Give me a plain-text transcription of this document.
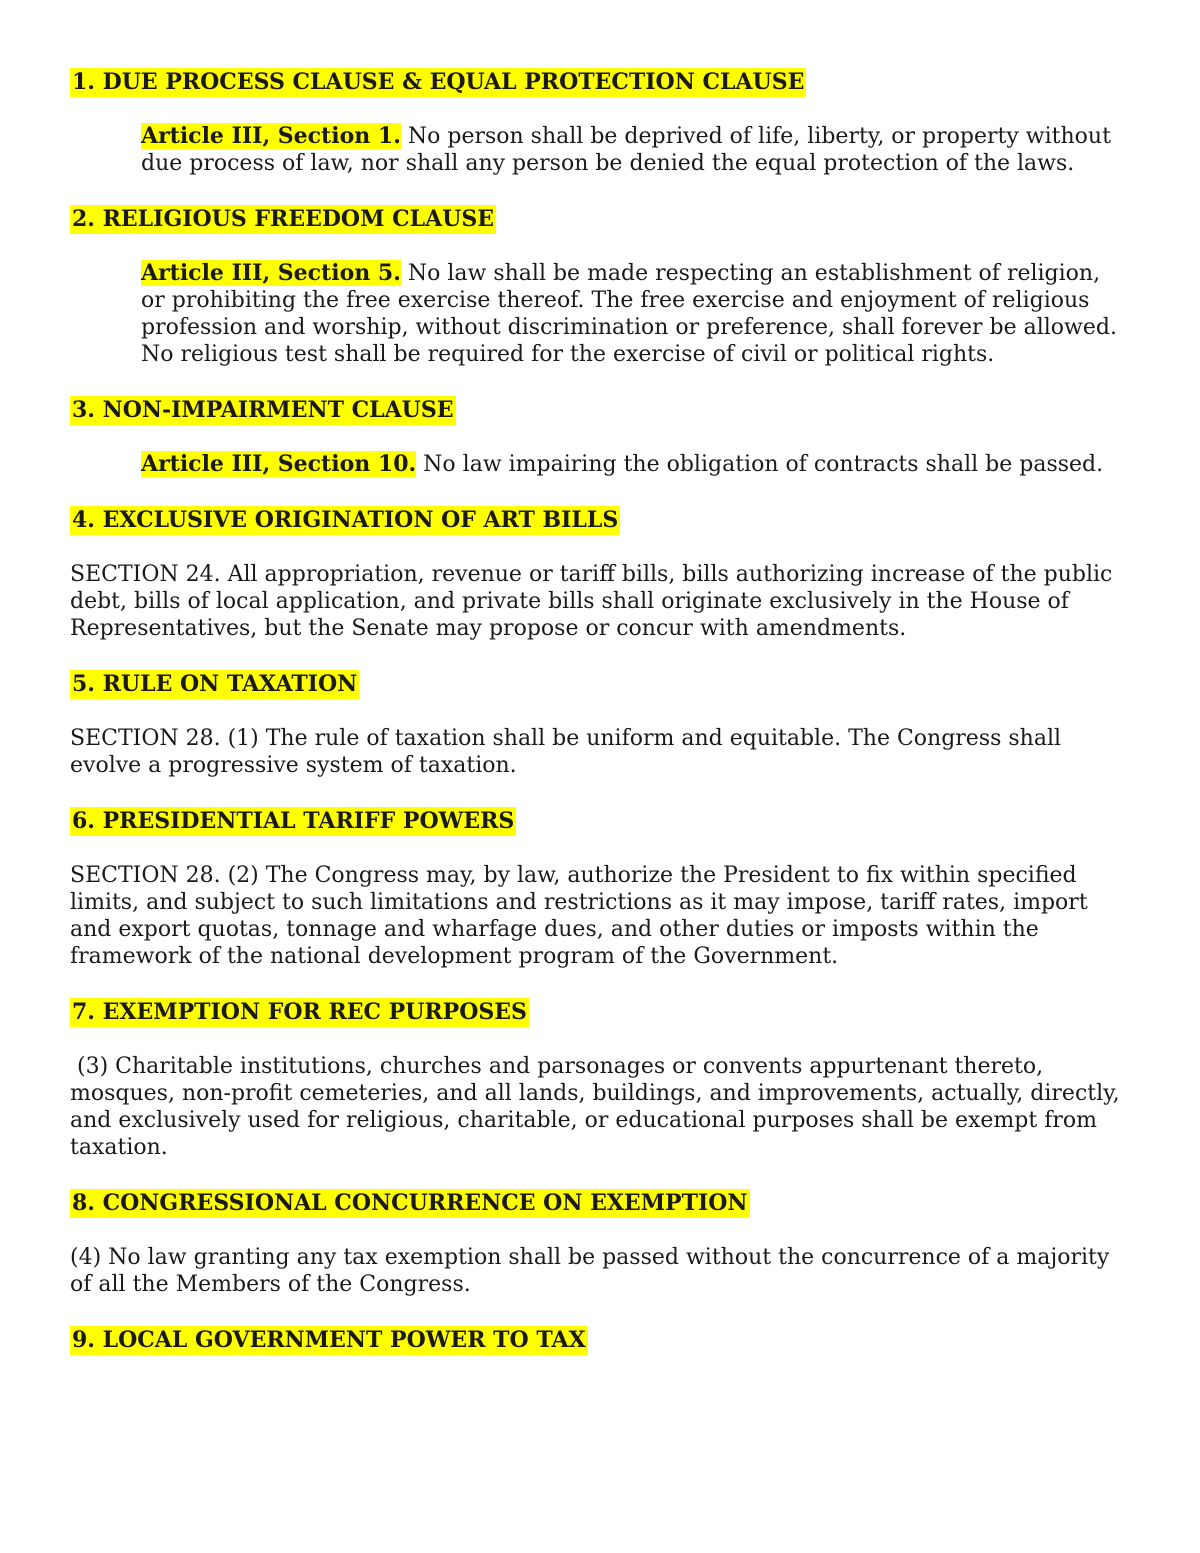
1. DUE PROCESS CLAUSE & EQUAL PROTECTION CLAUSE

Article III, Section 1. No person shall be deprived of life, liberty, or property without due process of law, nor shall any person be denied the equal protection of the laws.

2. RELIGIOUS FREEDOM CLAUSE

Article III, Section 5. No law shall be made respecting an establishment of religion, or prohibiting the free exercise thereof. The free exercise and enjoyment of religious profession and worship, without discrimination or preference, shall forever be allowed. No religious test shall be required for the exercise of civil or political rights.

3. NON-IMPAIRMENT CLAUSE

Article III, Section 10. No law impairing the obligation of contracts shall be passed.

4. EXCLUSIVE ORIGINATION OF ART BILLS

SECTION 24. All appropriation, revenue or tariff bills, bills authorizing increase of the public debt, bills of local application, and private bills shall originate exclusively in the House of Representatives, but the Senate may propose or concur with amendments.

5. RULE ON TAXATION

SECTION 28. (1) The rule of taxation shall be uniform and equitable. The Congress shall evolve a progressive system of taxation.

6. PRESIDENTIAL TARIFF POWERS

SECTION 28. (2) The Congress may, by law, authorize the President to fix within specified limits, and subject to such limitations and restrictions as it may impose, tariff rates, import and export quotas, tonnage and wharfage dues, and other duties or imposts within the framework of the national development program of the Government.

7. EXEMPTION FOR REC PURPOSES

(3) Charitable institutions, churches and parsonages or convents appurtenant thereto, mosques, non-profit cemeteries, and all lands, buildings, and improvements, actually, directly, and exclusively used for religious, charitable, or educational purposes shall be exempt from taxation.

8. CONGRESSIONAL CONCURRENCE ON EXEMPTION

(4) No law granting any tax exemption shall be passed without the concurrence of a majority of all the Members of the Congress.

9. LOCAL GOVERNMENT POWER TO TAX
